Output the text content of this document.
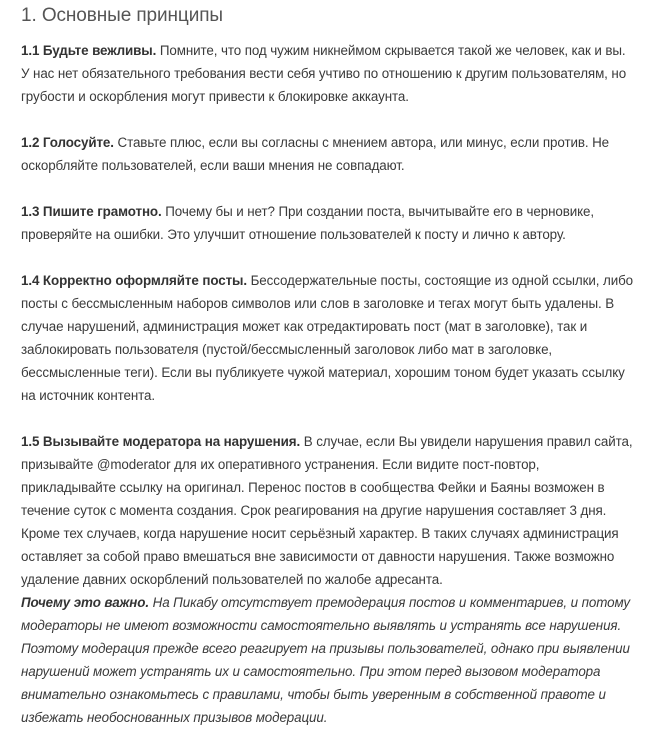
1. Основные принципы

1.1 Будьте вежливы. Помните, что под чужим никнеймом скрывается такой же человек, как и вы. У нас нет обязательного требования вести себя учтиво по отношению к другим пользователям, но грубости и оскорбления могут привести к блокировке аккаунта.

1.2 Голосуйте. Ставьте плюс, если вы согласны с мнением автора, или минус, если против. Не оскорбляйте пользователей, если ваши мнения не совпадают.

1.3 Пишите грамотно. Почему бы и нет? При создании поста, вычитывайте его в черновике, проверяйте на ошибки. Это улучшит отношение пользователей к посту и лично к автору.

1.4 Корректно оформляйте посты. Бессодержательные посты, состоящие из одной ссылки, либо посты с бессмысленным наборов символов или слов в заголовке и тегах могут быть удалены. В случае нарушений, администрация может как отредактировать пост (мат в заголовке), так и заблокировать пользователя (пустой/бессмысленный заголовок либо мат в заголовке, бессмысленные теги). Если вы публикуете чужой материал, хорошим тоном будет указать ссылку на источник контента.

1.5 Вызывайте модератора на нарушения. В случае, если Вы увидели нарушения правил сайта, призывайте @moderator для их оперативного устранения. Если видите пост-повтор, прикладывайте ссылку на оригинал. Перенос постов в сообщества Фейки и Баяны возможен в течение суток с момента создания. Срок реагирования на другие нарушения составляет 3 дня. Кроме тех случаев, когда нарушение носит серьёзный характер. В таких случаях администрация оставляет за собой право вмешаться вне зависимости от давности нарушения. Также возможно удаление давних оскорблений пользователей по жалобе адресанта.

Почему это важно. На Пикабу отсутствует премодерация постов и комментариев, и потому модераторы не имеют возможности самостоятельно выявлять и устранять все нарушения. Поэтому модерация прежде всего реагирует на призывы пользователей, однако при выявлении нарушений может устранять их и самостоятельно. При этом перед вызовом модератора внимательно ознакомьтесь с правилами, чтобы быть уверенным в собственной правоте и избежать необоснованных призывов модерации.
